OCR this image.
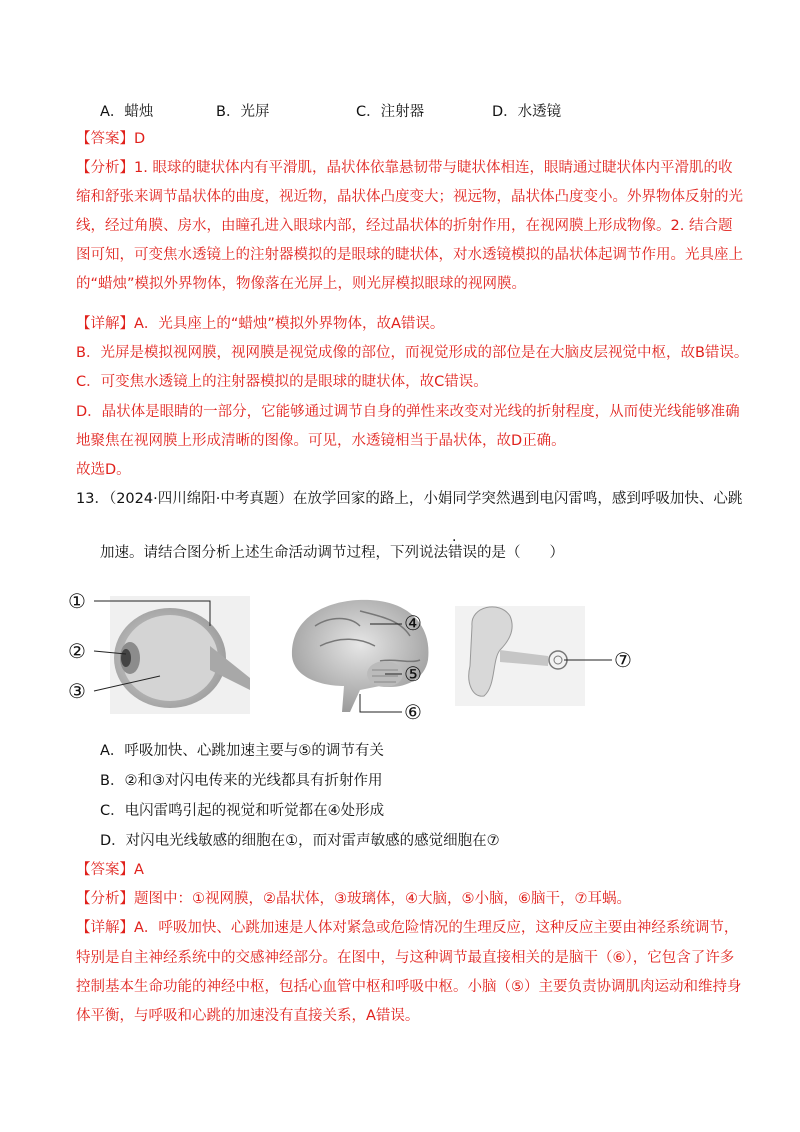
A．蜡烛	B．光屏	C．注射器	D．水透镜
【答案】D
【分析】1. 眼球的睫状体内有平滑肌，晶状体依靠悬韧带与睫状体相连，眼睛通过睫状体内平滑肌的收
缩和舒张来调节晶状体的曲度，视近物，晶状体凸度变大；视远物，晶状体凸度变小。外界物体反射的光
线，经过角膜、房水，由瞳孔进入眼球内部，经过晶状体的折射作用，在视网膜上形成物像。2. 结合题
图可知，可变焦水透镜上的注射器模拟的是眼球的睫状体，对水透镜模拟的晶状体起调节作用。光具座上
的“蜡烛”模拟外界物体，物像落在光屏上，则光屏模拟眼球的视网膜。
【详解】A．光具座上的“蜡烛”模拟外界物体，故A错误。
B．光屏是模拟视网膜，视网膜是视觉成像的部位，而视觉形成的部位是在大脑皮层视觉中枢，故B错误。
C．可变焦水透镜上的注射器模拟的是眼球的睫状体，故C错误。
D．晶状体是眼睛的一部分，它能够通过调节自身的弹性来改变对光线的折射程度，从而使光线能够准确
地聚焦在视网膜上形成清晰的图像。可见，水透镜相当于晶状体，故D正确。
故选D。
13．（2024·四川绵阳·中考真题）在放学回家的路上，小娟同学突然遇到电闪雷鸣，感到呼吸加快、心跳
加速。请结合图分析上述生命活动调节过程，下列说法错误的是（　　）
①
②
③
④
⑤
⑥
⑦
A．呼吸加快、心跳加速主要与⑤的调节有关
B．②和③对闪电传来的光线都具有折射作用
C．电闪雷鸣引起的视觉和听觉都在④处形成
D．对闪电光线敏感的细胞在①，而对雷声敏感的感觉细胞在⑦
【答案】A
【分析】题图中：①视网膜，②晶状体，③玻璃体，④大脑，⑤小脑，⑥脑干，⑦耳蜗。
【详解】A．呼吸加快、心跳加速是人体对紧急或危险情况的生理反应，这种反应主要由神经系统调节，
特别是自主神经系统中的交感神经部分。在图中，与这种调节最直接相关的是脑干（⑥），它包含了许多
控制基本生命功能的神经中枢，包括心血管中枢和呼吸中枢。小脑（⑤）主要负责协调肌肉运动和维持身
体平衡，与呼吸和心跳的加速没有直接关系，A错误。
